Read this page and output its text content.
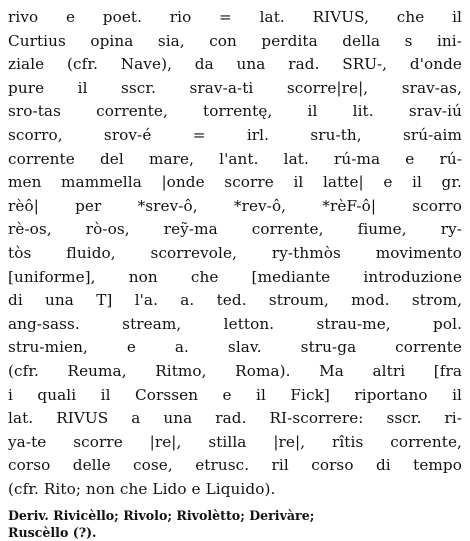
rivo e poet. rio = lat. RIVUS, che il
Curtius opina sia, con perdita della s ini-
ziale (cfr. Nave), da una rad. SRU-, d'onde
pure il sscr. srav-a-ti scorre|re|, srav-as,
sro-tas corrente, torrentę, il lit. srav-iú
scorro, srov-é = irl. sru-th, srú-aim
corrente del mare, l'ant. lat. rú-ma e rú-
men mammella |onde scorre il latte| e il gr.
rèô| per *srev-ô, *rev-ô, *rèF-ô| scorro
rè-os, rò-os, reỹ-ma corrente, fiume, ry-
tòs fluido, scorrevole, ry-thmòs movimento
[uniforme], non che [mediante introduzione
di una T] l'a. a. ted. stroum, mod. strom,
ang-sass. stream, letton. strau-me, pol.
stru-mien, e a. slav. stru-ga corrente
(cfr. Reuma, Ritmo, Roma). Ma altri [fra
i quali il Corssen e il Fick] riportano il
lat. RIVUS a una rad. RI-scorrere: sscr. ri-
ya-te scorre |re|, stilla |re|, rîtis corrente,
corso delle cose, etrusc. ril corso di tempo
(cfr. Rito; non che Lido e Liquido).
Deriv. Rivicèllo; Rivolo; Rivolètto; Derivàre;
Ruscèllo (?).
